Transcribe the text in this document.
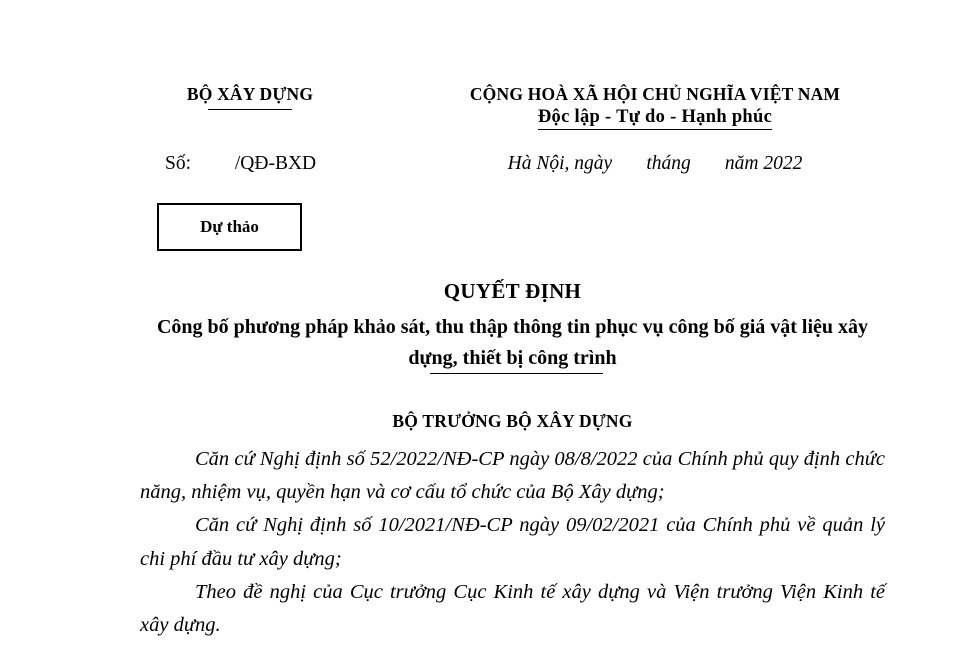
BỘ XÂY DỰNG	CỘNG HOÀ XÃ HỘI CHỦ NGHĨA VIỆT NAM
Độc lập - Tự do - Hạnh phúc
Số:         /QĐ-BXD	Hà Nội, ngày       tháng       năm 2022
Dự thảo
QUYẾT ĐỊNH
Công bố phương pháp khảo sát, thu thập thông tin phục vụ công bố giá vật liệu xây dựng, thiết bị công trình
BỘ TRƯỞNG BỘ XÂY DỰNG

Căn cứ Nghị định số 52/2022/NĐ-CP ngày 08/8/2022 của Chính phủ quy định chức năng, nhiệm vụ, quyền hạn và cơ cấu tổ chức của Bộ Xây dựng;

Căn cứ Nghị định số 10/2021/NĐ-CP ngày 09/02/2021 của Chính phủ về quản lý chi phí đầu tư xây dựng;

Theo đề nghị của Cục trưởng Cục Kinh tế xây dựng và Viện trưởng Viện Kinh tế xây dựng.
